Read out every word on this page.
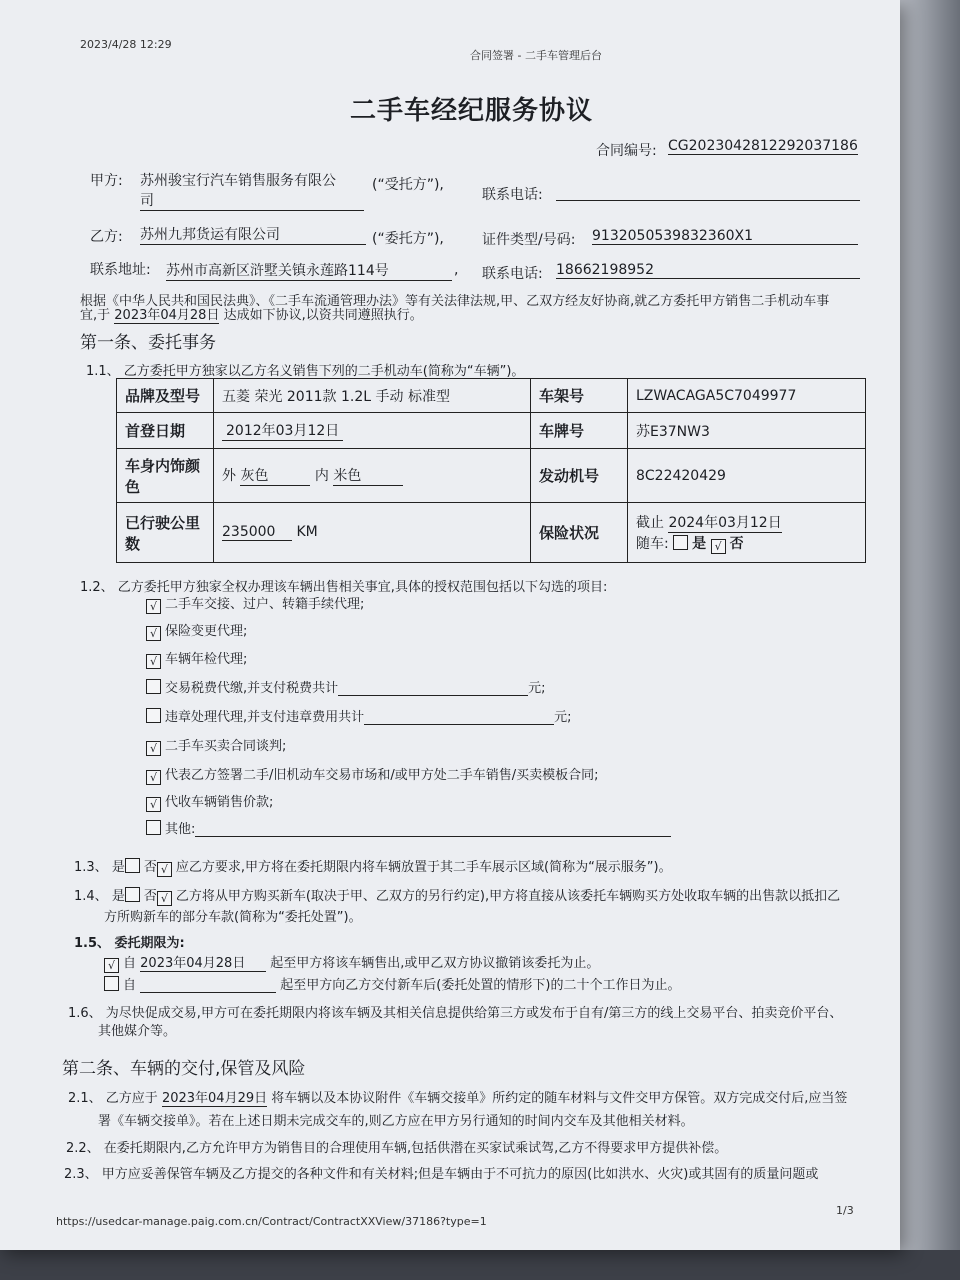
2023/4/28 12:29
合同签署 - 二手车管理后台
二手车经纪服务协议
合同编号: CG2023042812292037186
甲方: 苏州骏宝行汽车销售服务有限公
司
(“受托方”),
联系电话:
乙方: 苏州九邦货运有限公司	(“委托方”),	证件类型/号码: 9132050539832360X1
联系地址: 苏州市高新区浒墅关镇永莲路114号	, 联系电话: 18662198952
根据《中华人民共和国民法典》、《二手车流通管理办法》等有关法律法规,甲、乙双方经友好协商,就乙方委托甲方销售二手机动车事
宜,于 2023年04月28日 达成如下协议,以资共同遵照执行。
第一条、委托事务
1.1、 乙方委托甲方独家以乙方名义销售下列的二手机动车(简称为“车辆”)。
品牌及型号	五菱 荣光 2011款 1.2L 手动 标准型	车架号	LZWACAGA5C7049977
首登日期	2012年03月12日	车牌号	苏E37NW3
车身内饰颜
色	外 灰色 内 米色	发动机号	8C22420429
已行驶公里
数	235000 KM	保险状况	截止 2024年03月12日
随车: 是 √ 否
1.2、 乙方委托甲方独家全权办理该车辆出售相关事宜,具体的授权范围包括以下勾选的项目:
√ 二手车交接、过户、转籍手续代理;
√ 保险变更代理;
√ 车辆年检代理;
交易税费代缴,并支付税费共计	元;
违章处理代理,并支付违章费用共计	元;
√ 二手车买卖合同谈判;
√ 代表乙方签署二手/旧机动车交易市场和/或甲方处二手车销售/买卖模板合同;
√ 代收车辆销售价款;
其他:
1.3、 是 否 √ 应乙方要求,甲方将在委托期限内将车辆放置于其二手车展示区域(简称为“展示服务”)。
1.4、 是 否 √ 乙方将从甲方购买新车(取决于甲、乙双方的另行约定),甲方将直接从该委托车辆购买方处收取车辆的出售款以抵扣乙
方所购新车的部分车款(简称为“委托处置”)。
1.5、 委托期限为:
√ 自 2023年04月28日 起至甲方将该车辆售出,或甲乙双方协议撤销该委托为止。
自	起至甲方向乙方交付新车后(委托处置的情形下)的二十个工作日为止。
1.6、 为尽快促成交易,甲方可在委托期限内将该车辆及其相关信息提供给第三方或发布于自有/第三方的线上交易平台、拍卖竞价平台、
其他媒介等。
第二条、车辆的交付,保管及风险
2.1、 乙方应于 2023年04月29日 将车辆以及本协议附件《车辆交接单》所约定的随车材料与文件交甲方保管。双方完成交付后,应当签
署《车辆交接单》。若在上述日期未完成交车的,则乙方应在甲方另行通知的时间内交车及其他相关材料。
2.2、 在委托期限内,乙方允许甲方为销售目的合理使用车辆,包括供潜在买家试乘试驾,乙方不得要求甲方提供补偿。
2.3、 甲方应妥善保管车辆及乙方提交的各种文件和有关材料;但是车辆由于不可抗力的原因(比如洪水、火灾)或其固有的质量问题或
https://usedcar-manage.paig.com.cn/Contract/ContractXXView/37186?type=1
1/3
